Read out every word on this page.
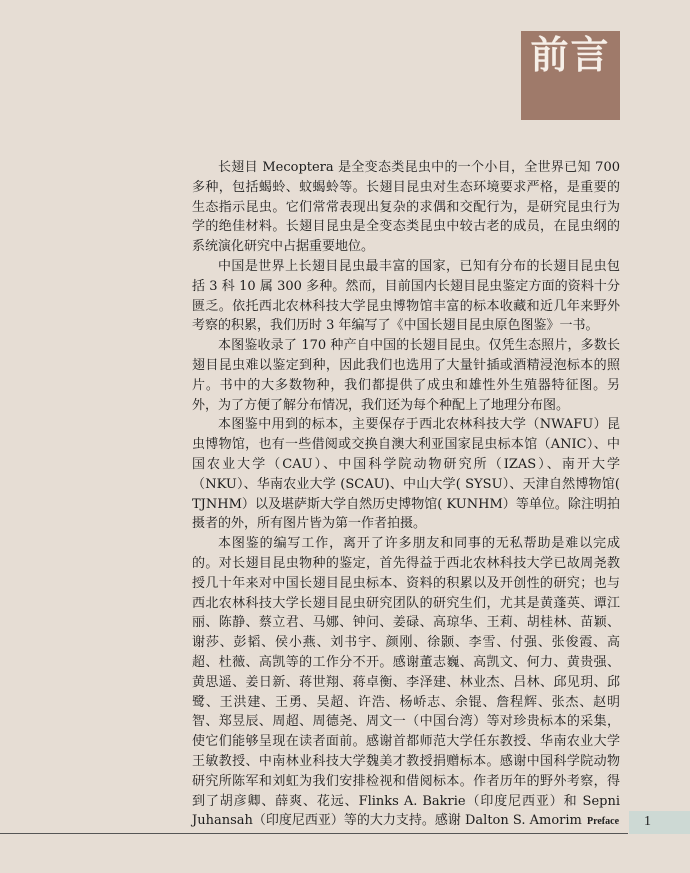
前言

长翅目 Mecoptera 是全变态类昆虫中的一个小目，全世界已知 700 多种，包括蝎蛉、蚊蝎蛉等。长翅目昆虫对生态环境要求严格，是重要的生态指示昆虫。它们常常表现出复杂的求偶和交配行为，是研究昆虫行为学的绝佳材料。长翅目昆虫是全变态类昆虫中较古老的成员，在昆虫纲的系统演化研究中占据重要地位。

中国是世界上长翅目昆虫最丰富的国家，已知有分布的长翅目昆虫包括 3 科 10 属 300 多种。然而，目前国内长翅目昆虫鉴定方面的资料十分匮乏。依托西北农林科技大学昆虫博物馆丰富的标本收藏和近几年来野外考察的积累，我们历时 3 年编写了《中国长翅目昆虫原色图鉴》一书。

本图鉴收录了 170 种产自中国的长翅目昆虫。仅凭生态照片，多数长翅目昆虫难以鉴定到种，因此我们也选用了大量针插或酒精浸泡标本的照片。书中的大多数物种，我们都提供了成虫和雄性外生殖器特征图。另外，为了方便了解分布情况，我们还为每个种配上了地理分布图。

本图鉴中用到的标本，主要保存于西北农林科技大学（NWAFU）昆虫博物馆，也有一些借阅或交换自澳大利亚国家昆虫标本馆（ANIC）、中国农业大学（CAU）、中国科学院动物研究所（IZAS）、南开大学（NKU）、华南农业大学 (SCAU)、中山大学( SYSU）、天津自然博物馆( TJNHM）以及堪萨斯大学自然历史博物馆( KUNHM）等单位。除注明拍摄者的外，所有图片皆为第一作者拍摄。

本图鉴的编写工作，离开了许多朋友和同事的无私帮助是难以完成的。对长翅目昆虫物种的鉴定，首先得益于西北农林科技大学已故周尧教授几十年来对中国长翅目昆虫标本、资料的积累以及开创性的研究；也与西北农林科技大学长翅目昆虫研究团队的研究生们，尤其是黄蓬英、谭江丽、陈静、蔡立君、马娜、钟问、姜碌、高琼华、王莉、胡桂林、苗颖、谢莎、彭韬、侯小燕、刘书宇、颜刚、徐颢、李雪、付强、张俊霞、高超、杜薇、高凯等的工作分不开。感谢董志巍、高凯文、何力、黄贵强、黄思遥、姜日新、蒋世翔、蒋卓衡、李泽建、林业杰、吕林、邱见玥、邱鹭、王洪建、王勇、吴超、许浩、杨峤志、余锟、詹程辉、张杰、赵明智、郑昱辰、周超、周德尧、周文一（中国台湾）等对珍贵标本的采集，使它们能够呈现在读者面前。感谢首都师范大学任东教授、华南农业大学王敏教授、中南林业科技大学魏美才教授捐赠标本。感谢中国科学院动物研究所陈军和刘虹为我们安排检视和借阅标本。作者历年的野外考察，得到了胡彦卿、薛爽、花远、Flinks A. Bakrie（印度尼西亚）和 Sepni Juhansah（印度尼西亚）等的大力支持。感谢 Dalton S. Amorim Preface 1
